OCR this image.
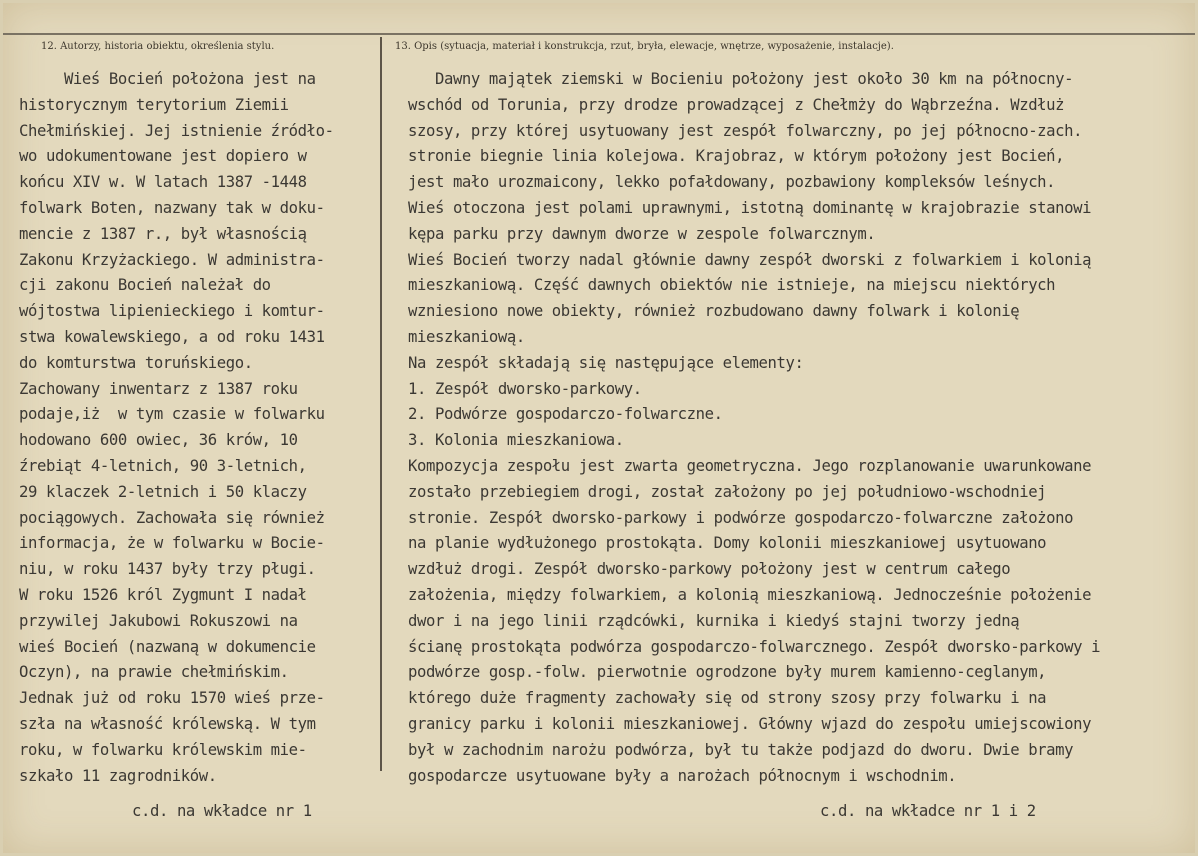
12. Autorzy, historia obiektu, określenia stylu.	13. Opis (sytuacja, materiał i konstrukcja, rzut, bryła, elewacje, wnętrze, wyposażenie, instalacje).
Wieś Bocień położona jest na
historycznym terytorium Ziemii
Chełmińskiej. Jej istnienie źródło-
wo udokumentowane jest dopiero w
końcu XIV w. W latach 1387 -1448
folwark Boten, nazwany tak w doku-
mencie z 1387 r., był własnością
Zakonu Krzyżackiego. W administra-
cji zakonu Bocień należał do
wójtostwa lipienieckiego i komtur-
stwa kowalewskiego, a od roku 1431
do komturstwa toruńskiego.
Zachowany inwentarz z 1387 roku
podaje,iż  w tym czasie w folwarku
hodowano 600 owiec, 36 krów, 10
źrebiąt 4-letnich, 90 3-letnich,
29 klaczek 2-letnich i 50 klaczy
pociągowych. Zachowała się również
informacja, że w folwarku w Bocie-
niu, w roku 1437 były trzy pługi.
W roku 1526 król Zygmunt I nadał
przywilej Jakubowi Rokuszowi na
wieś Bocień (nazwaną w dokumencie
Oczyn), na prawie chełmińskim.
Jednak już od roku 1570 wieś prze-
szła na własność królewską. W tym
roku, w folwarku królewskim mie-
szkało 11 zagrodników.
Dawny majątek ziemski w Bocieniu położony jest około 30 km na północny-
wschód od Torunia, przy drodze prowadzącej z Chełmży do Wąbrzeźna. Wzdłuż
szosy, przy której usytuowany jest zespół folwarczny, po jej północno-zach.
stronie biegnie linia kolejowa. Krajobraz, w którym położony jest Bocień,
jest mało urozmaicony, lekko pofałdowany, pozbawiony kompleksów leśnych.
Wieś otoczona jest polami uprawnymi, istotną dominantę w krajobrazie stanowi
kępa parku przy dawnym dworze w zespole folwarcznym.
Wieś Bocień tworzy nadal głównie dawny zespół dworski z folwarkiem i kolonią
mieszkaniową. Część dawnych obiektów nie istnieje, na miejscu niektórych
wzniesiono nowe obiekty, również rozbudowano dawny folwark i kolonię
mieszkaniową.
Na zespół składają się następujące elementy:
1. Zespół dworsko-parkowy.
2. Podwórze gospodarczo-folwarczne.
3. Kolonia mieszkaniowa.
Kompozycja zespołu jest zwarta geometryczna. Jego rozplanowanie uwarunkowane
zostało przebiegiem drogi, został założony po jej południowo-wschodniej
stronie. Zespół dworsko-parkowy i podwórze gospodarczo-folwarczne założono
na planie wydłużonego prostokąta. Domy kolonii mieszkaniowej usytuowano
wzdłuż drogi. Zespół dworsko-parkowy położony jest w centrum całego
założenia, między folwarkiem, a kolonią mieszkaniową. Jednocześnie położenie
dwor i na jego linii rządcówki, kurnika i kiedyś stajni tworzy jedną
ścianę prostokąta podwórza gospodarczo-folwarcznego. Zespół dworsko-parkowy i
podwórze gosp.-folw. pierwotnie ogrodzone były murem kamienno-ceglanym,
którego duże fragmenty zachowały się od strony szosy przy folwarku i na
granicy parku i kolonii mieszkaniowej. Główny wjazd do zespołu umiejscowiony
był w zachodnim narożu podwórza, był tu także podjazd do dworu. Dwie bramy
gospodarcze usytuowane były a narożach północnym i wschodnim.
c.d. na wkładce nr 1	c.d. na wkładce nr 1 i 2
